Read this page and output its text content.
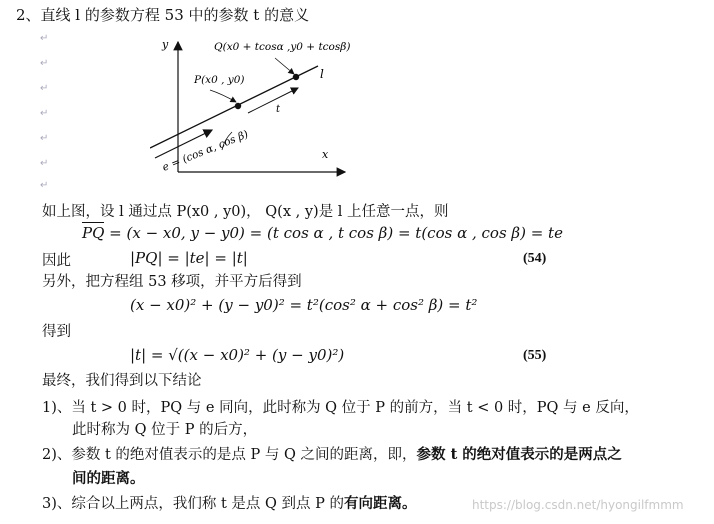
2、直线 l 的参数方程 53 中的参数 t 的意义
↵
↵
↵
↵
↵
↵
↵
y
x
l
t
Q(x0 + tcosα ,y0 + tcosβ)
P(x0 , y0)
e = (cos α, cos β)
如上图，设 l 通过点 P(x0 , y0)， Q(x , y)是 l 上任意一点，则
PQ = (x − x0, y − y0) = (t cos α , t cos β) = t(cos α , cos β) = te
因此	|PQ| = |te| = |t|	(54)
另外，把方程组 53 移项，并平方后得到
(x − x0)² + (y − y0)² = t²(cos² α + cos² β) = t²
得到
|t| = √((x − x0)² + (y − y0)²)	(55)
最终，我们得到以下结论
1)、当 t > 0 时，PQ 与 e 同向，此时称为 Q 位于 P 的前方，当 t < 0 时，PQ 与 e 反向，
此时称为 Q 位于 P 的后方，
2)、参数 t 的绝对值表示的是点 P 与 Q 之间的距离，即，参数 t 的绝对值表示的是两点之
间的距离。
3)、综合以上两点，我们称 t 是点 Q 到点 P 的有向距离。	https://blog.csdn.net/hyongilfmmm
